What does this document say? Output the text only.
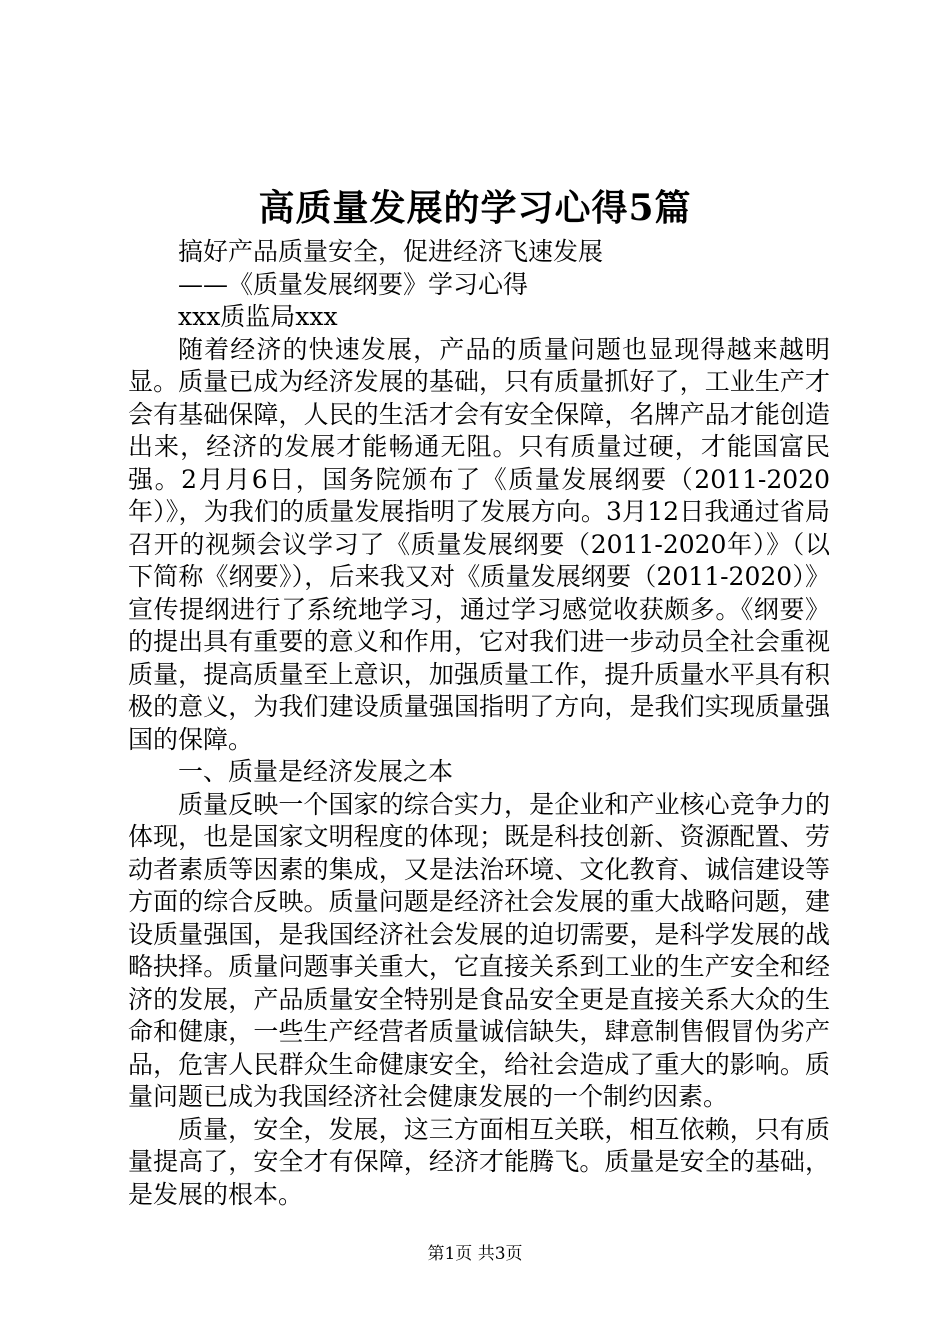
高质量发展的学习心得5篇

搞好产品质量安全，促进经济飞速发展

——《质量发展纲要》学习心得

xxx质监局xxx

随着经济的快速发展，产品的质量问题也显现得越来越明显。质量已成为经济发展的基础，只有质量抓好了，工业生产才会有基础保障，人民的生活才会有安全保障，名牌产品才能创造出来，经济的发展才能畅通无阻。只有质量过硬，才能国富民强。2月月6日，国务院颁布了《质量发展纲要（2011-2020年）》，为我们的质量发展指明了发展方向。3月12日我通过省局召开的视频会议学习了《质量发展纲要（2011-2020年）》（以下简称《纲要》），后来我又对《质量发展纲要（2011-2020）》宣传提纲进行了系统地学习，通过学习感觉收获颇多。《纲要》的提出具有重要的意义和作用，它对我们进一步动员全社会重视质量，提高质量至上意识，加强质量工作，提升质量水平具有积极的意义，为我们建设质量强国指明了方向，是我们实现质量强国的保障。

一、质量是经济发展之本

质量反映一个国家的综合实力，是企业和产业核心竞争力的体现，也是国家文明程度的体现；既是科技创新、资源配置、劳动者素质等因素的集成，又是法治环境、文化教育、诚信建设等方面的综合反映。质量问题是经济社会发展的重大战略问题，建设质量强国，是我国经济社会发展的迫切需要，是科学发展的战略抉择。质量问题事关重大，它直接关系到工业的生产安全和经济的发展，产品质量安全特别是食品安全更是直接关系大众的生命和健康，一些生产经营者质量诚信缺失，肆意制售假冒伪劣产品，危害人民群众生命健康安全，给社会造成了重大的影响。质量问题已成为我国经济社会健康发展的一个制约因素。

质量，安全，发展，这三方面相互关联，相互依赖，只有质量提高了，安全才有保障，经济才能腾飞。质量是安全的基础，是发展的根本。

第1页 共3页
